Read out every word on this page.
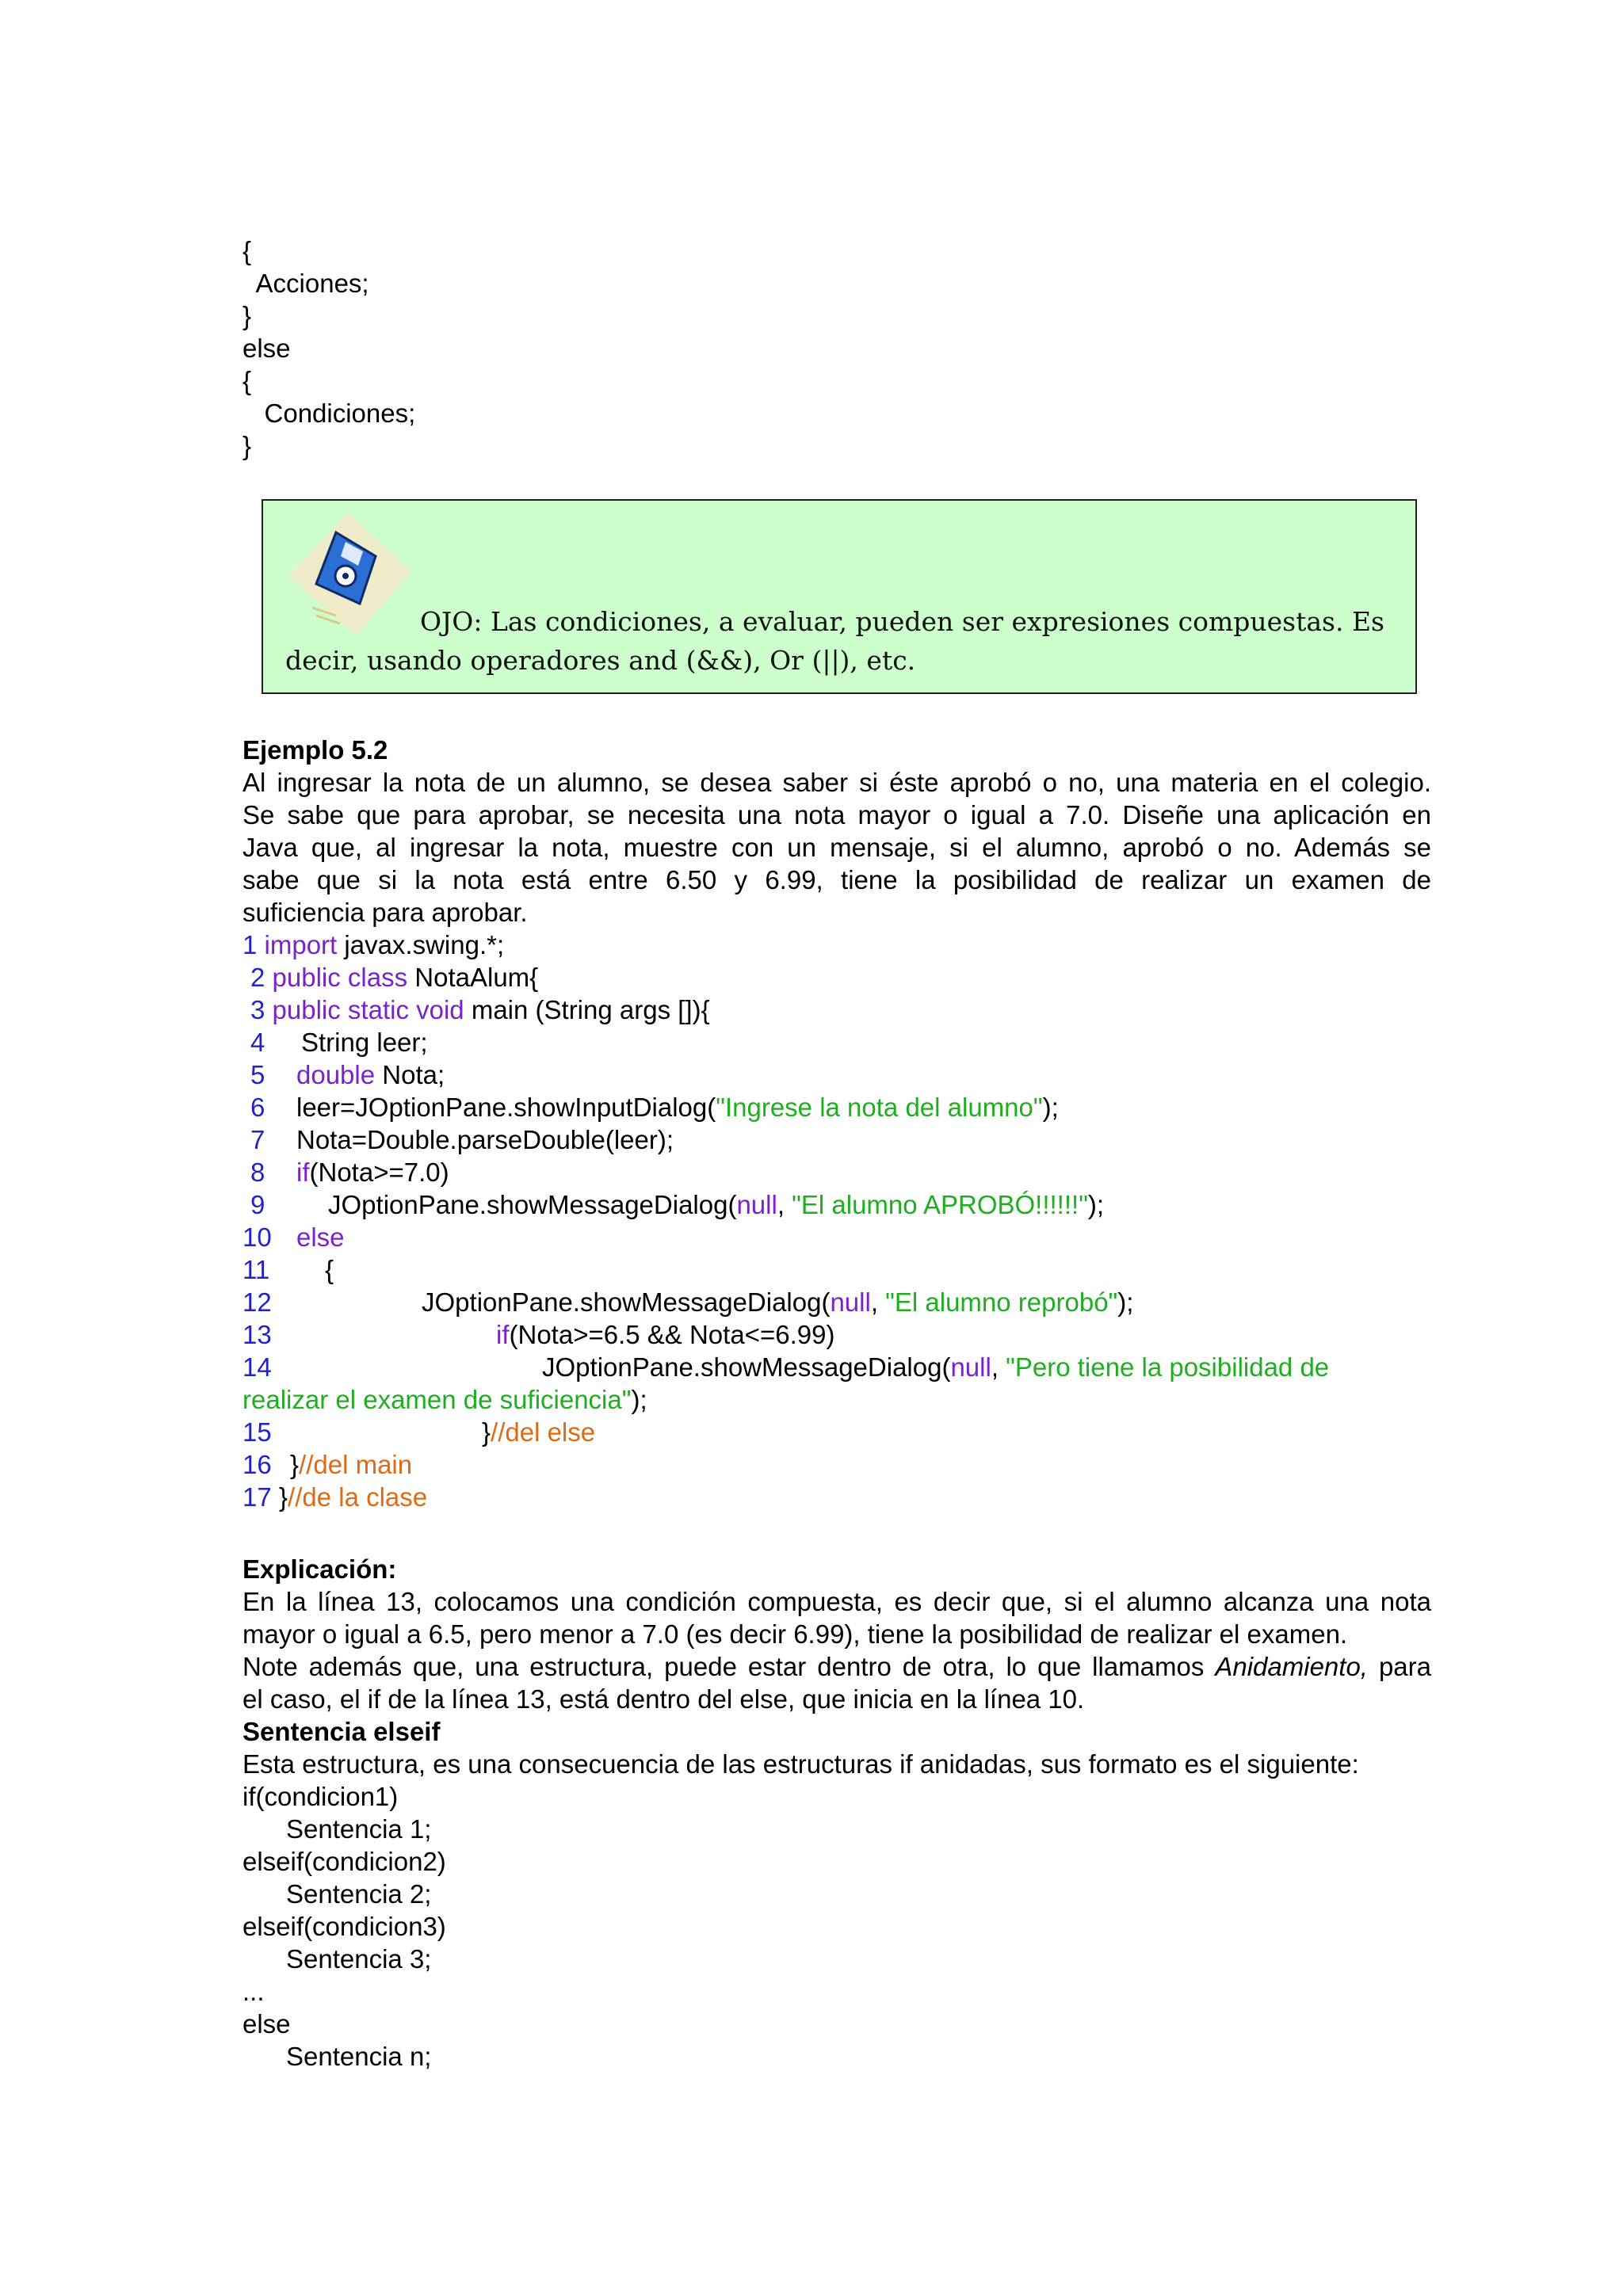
{
Acciones;
}
else
{
Condiciones;
}
OJO: Las condiciones, a evaluar, pueden ser expresiones compuestas. Es decir, usando operadores and (&&), Or (||), etc.
Ejemplo 5.2
Al ingresar la nota de un alumno, se desea saber si éste aprobó o no, una materia en el colegio.
Se sabe que para aprobar, se necesita una nota mayor o igual a 7.0. Diseñe una aplicación en
Java que, al ingresar la nota, muestre con un mensaje, si el alumno, aprobó o no. Además se
sabe que si la nota está entre 6.50 y 6.99, tiene la posibilidad de realizar un examen de
suficiencia para aprobar.
1 import javax.swing.*;
2 public class NotaAlum{
3 public static void main (String args []){
4 String leer;
5 double Nota;
6 leer=JOptionPane.showInputDialog("Ingrese la nota del alumno");
7 Nota=Double.parseDouble(leer);
8 if(Nota>=7.0)
9 JOptionPane.showMessageDialog(null, "El alumno APROBÓ!!!!!!");
10 else
11 {
12	JOptionPane.showMessageDialog(null, "El alumno reprobó");
13	if(Nota>=6.5 && Nota<=6.99)
14	JOptionPane.showMessageDialog(null, "Pero tiene la posibilidad de
realizar el examen de suficiencia");
15	}//del else
16 }//del main
17 }//de la clase
Explicación:
En la línea 13, colocamos una condición compuesta, es decir que, si el alumno alcanza una nota
mayor o igual a 6.5, pero menor a 7.0 (es decir 6.99), tiene la posibilidad de realizar el examen.
Note además que, una estructura, puede estar dentro de otra, lo que llamamos Anidamiento, para
el caso, el if de la línea 13, está dentro del else, que inicia en la línea 10.
Sentencia elseif
Esta estructura, es una consecuencia de las estructuras if anidadas, sus formato es el siguiente:
if(condicion1)
Sentencia 1;
elseif(condicion2)
Sentencia 2;
elseif(condicion3)
Sentencia 3;
...
else
Sentencia n;
